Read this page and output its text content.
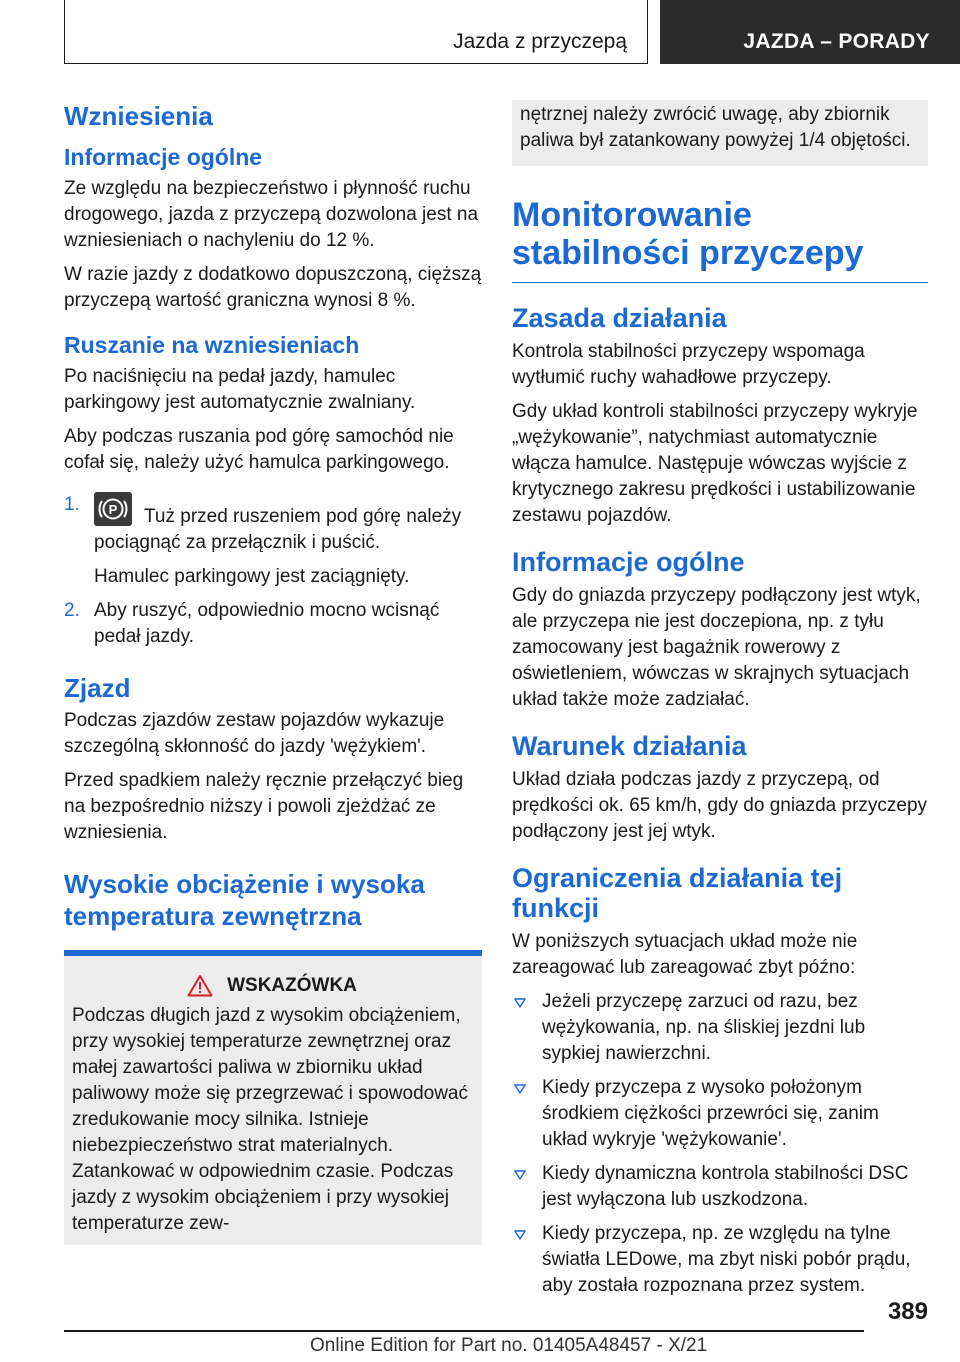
Jazda z przyczepą	JAZDA – PORADY
Wzniesienia
Informacje ogólne

Ze względu na bezpieczeństwo i płynność ruchu drogowego, jazda z przyczepą dozwolona jest na wzniesieniach o nachyleniu do 12 %.

W razie jazdy z dodatkowo dopuszczoną, cięższą przyczepą wartość graniczna wynosi 8 %.

Ruszanie na wzniesieniach

Po naciśnięciu na pedał jazdy, hamulec parkingowy jest automatycznie zwalniany.

Aby podczas ruszania pod górę samochód nie cofał się, należy użyć hamulca parkingowego.

1. P Tuż przed ruszeniem pod górę należy pociągnąć za przełącznik i puścić.
Hamulec parkingowy jest zaciągnięty.
2. Aby ruszyć, odpowiednio mocno wcisnąć pedał jazdy.
Zjazd

Podczas zjazdów zestaw pojazdów wykazuje szczególną skłonność do jazdy 'wężykiem'.

Przed spadkiem należy ręcznie przełączyć bieg na bezpośrednio niższy i powoli zjeżdżać ze wzniesienia.

Wysokie obciążenie i wysoka temperatura zewnętrzna
WSKAZÓWKA
Podczas długich jazd z wysokim obciążeniem, przy wysokiej temperaturze zewnętrznej oraz małej zawartości paliwa w zbiorniku układ paliwowy może się przegrzewać i spowodować zredukowanie mocy silnika. Istnieje niebezpieczeństwo strat materialnych. Zatankować w odpowiednim czasie. Podczas jazdy z wysokim obciążeniem i przy wysokiej temperaturze zew-
nętrznej należy zwrócić uwagę, aby zbiornik paliwa był zatankowany powyżej 1/4 objętości.
Monitorowanie stabilności przyczepy
Zasada działania

Kontrola stabilności przyczepy wspomaga wytłumić ruchy wahadłowe przyczepy.

Gdy układ kontroli stabilności przyczepy wykryje „wężykowanie”, natychmiast automatycznie włącza hamulce. Następuje wówczas wyjście z krytycznego zakresu prędkości i ustabilizowanie zestawu pojazdów.

Informacje ogólne

Gdy do gniazda przyczepy podłączony jest wtyk, ale przyczepa nie jest doczepiona, np. z tyłu zamocowany jest bagażnik rowerowy z oświetleniem, wówczas w skrajnych sytuacjach układ także może zadziałać.

Warunek działania

Układ działa podczas jazdy z przyczepą, od prędkości ok. 65 km/h, gdy do gniazda przyczepy podłączony jest jej wtyk.

Ograniczenia działania tej funkcji

W poniższych sytuacjach układ może nie zareagować lub zareagować zbyt późno:

Jeżeli przyczepę zarzuci od razu, bez wężykowania, np. na śliskiej jezdni lub sypkiej nawierzchni.
Kiedy przyczepa z wysoko położonym środkiem ciężkości przewróci się, zanim układ wykryje 'wężykowanie'.
Kiedy dynamiczna kontrola stabilności DSC jest wyłączona lub uszkodzona.
Kiedy przyczepa, np. ze względu na tylne światła LEDowe, ma zbyt niski pobór prądu, aby została rozpoznana przez system.
389
Online Edition for Part no. 01405A48457 - X/21
